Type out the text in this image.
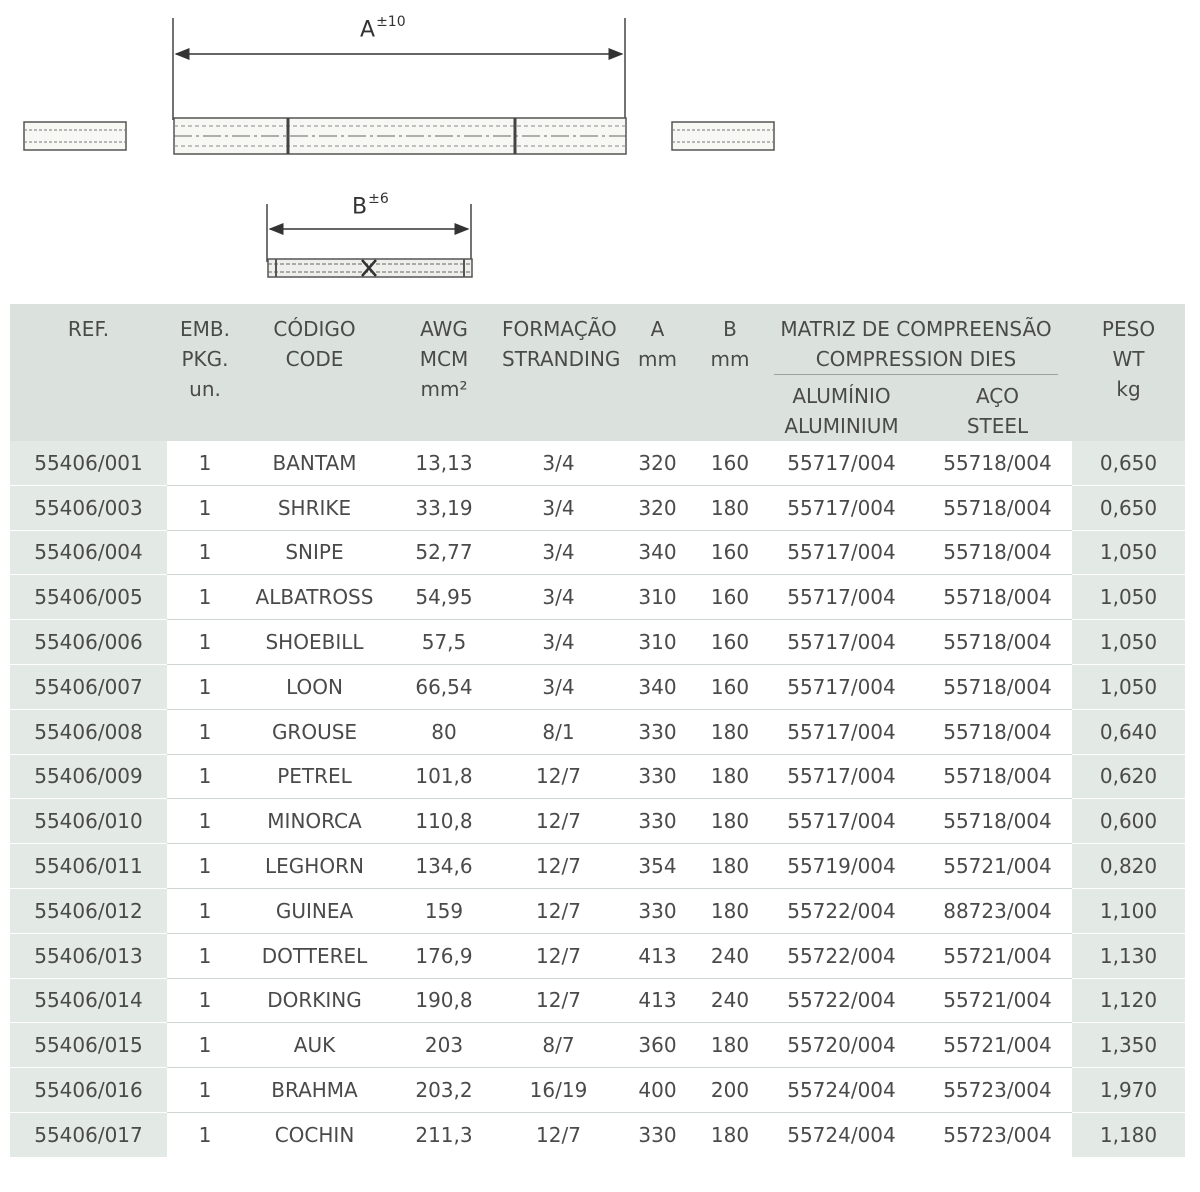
$A^{\pm 10}$
$B^{\pm 6}$
REF.	EMB.
PKG.
un.	CÓDIGO
CODE	AWG
MCM
mm²	FORMAÇÃO
STRANDING	A
mm	B
mm	MATRIZ DE COMPREENSÃO
COMPRESSION DIES		PESO
WT
kg
							ALUMÍNIO
ALUMINIUM	AÇO
STEEL	
55406/001	1	BANTAM	13,13	3/4	320	160	55717/004	55718/004	0,650
55406/003	1	SHRIKE	33,19	3/4	320	180	55717/004	55718/004	0,650
55406/004	1	SNIPE	52,77	3/4	340	160	55717/004	55718/004	1,050
55406/005	1	ALBATROSS	54,95	3/4	310	160	55717/004	55718/004	1,050
55406/006	1	SHOEBILL	57,5	3/4	310	160	55717/004	55718/004	1,050
55406/007	1	LOON	66,54	3/4	340	160	55717/004	55718/004	1,050
55406/008	1	GROUSE	80	8/1	330	180	55717/004	55718/004	0,640
55406/009	1	PETREL	101,8	12/7	330	180	55717/004	55718/004	0,620
55406/010	1	MINORCA	110,8	12/7	330	180	55717/004	55718/004	0,600
55406/011	1	LEGHORN	134,6	12/7	354	180	55719/004	55721/004	0,820
55406/012	1	GUINEA	159	12/7	330	180	55722/004	88723/004	1,100
55406/013	1	DOTTEREL	176,9	12/7	413	240	55722/004	55721/004	1,130
55406/014	1	DORKING	190,8	12/7	413	240	55722/004	55721/004	1,120
55406/015	1	AUK	203	8/7	360	180	55720/004	55721/004	1,350
55406/016	1	BRAHMA	203,2	16/19	400	200	55724/004	55723/004	1,970
55406/017	1	COCHIN	211,3	12/7	330	180	55724/004	55723/004	1,180
